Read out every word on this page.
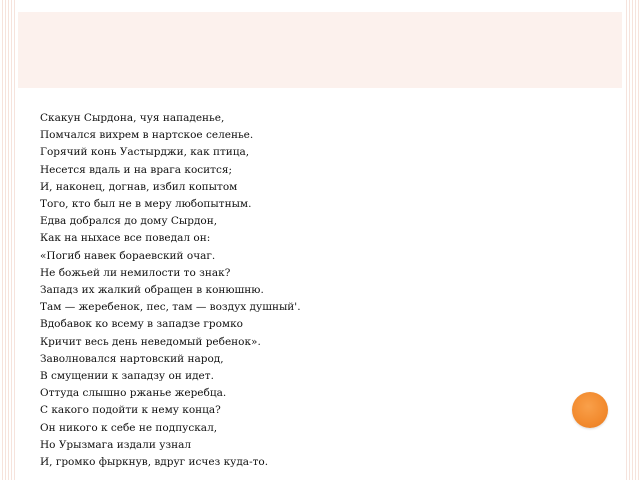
Скакун Сырдона, чуя нападенье,
Помчался вихрем в нартское селенье.
Горячий конь Уастырджи, как птица,
Несется вдаль и на врага косится;
И, наконец, догнав, избил копытом
Того, кто был не в меру любопытным.
Едва добрался до дому Сырдон,
Как на ныхасе все поведал он:
«Погиб навек бораевский очаг.
Не божьей ли немилости то знак?
Западз их жалкий обращен в конюшню.
Там — жеребенок, пес, там — воздух душный'.
Вдобавок ко всему в западзе громко
Кричит весь день неведомый ребенок».
Заволновался нартовский народ,
В смущении к западзу он идет.
Оттуда слышно ржанье жеребца.
С какого подойти к нему конца?
Он никого к себе не подпускал,
Но Урызмага издали узнал
И, громко фыркнув, вдруг исчез куда-то.
